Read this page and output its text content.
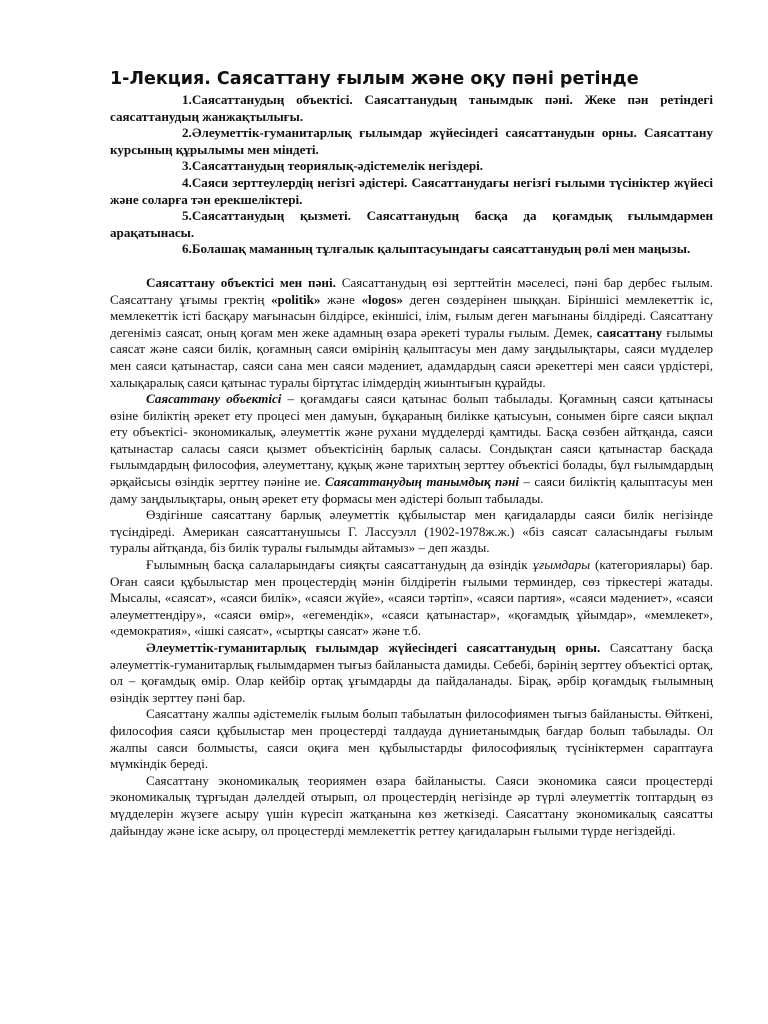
1-Лекция. Саясаттану ғылым және оқу пәні ретінде
1.Саясаттанудың объектісі. Саясаттанудың танымдык пәні. Жеке пән ретіндегі саясаттанудың жанжақтылығы.
2.Әлеуметтік-гуманитарлық ғылымдар жүйесіндегі саясаттанудын орны. Саясаттану курсының құрылымы мен міндеті.
3.Саясаттанудың теориялық-әдістемелік негіздері.
4.Саяси зерттеулердің негізгі әдістері. Саясаттанудағы негізгі ғылыми түсініктер жүйесі және соларға тән ерекшеліктері.
5.Саясаттанудың қызметі. Саясаттанудың басқа да қоғамдық ғылымдармен арақатынасы.
6.Болашақ маманның тұлғалык қалыптасуындағы саясаттанудың рөлі мен маңызы.

Саясаттану объектісі мен пәні. Саясаттанудың өзі зерттейтін мәселесі, пәні бар дербес ғылым. Саясаттану ұғымы гректің «politik» және «logos» деген сөздерінен шыққан. Біріншісі мемлекеттік іс, мемлекеттік істі басқару мағынасын білдірсе, екіншісі, ілім, ғылым деген мағынаны білдіреді. Саясаттану дегеніміз саясат, оның қоғам мен жеке адамның өзара әрекеті туралы ғылым. Демек, саясаттану ғылымы саясат және саяси билік, қоғамның саяси өмірінің қалыптасуы мен даму заңдылықтары, саяси мүдделер мен саяси қатынастар, саяси сана мен саяси мәдениет, адамдардың саяси әрекеттері мен саяси үрдістері, халықаралық саяси қатынас туралы біртұтас ілімдердің жиынтығын құрайды.

Саясаттану объектісі – қоғамдағы саяси қатынас болып табылады. Қоғамның саяси қатынасы өзіне биліктің әрекет ету процесі мен дамуын, бұқараның билікке қатысуын, сонымен бірге саяси ықпал ету объектісі- экономикалық, әлеуметтік және рухани мүдделерді қамтиды. Басқа сөзбен айтқанда, саяси қатынастар саласы саяси қызмет объектісінің барлық саласы. Сондықтан саяси қатынастар басқада ғылымдардың философия, әлеуметтану, құқық және тарихтың зерттеу объектісі болады, бұл ғылымдардың әрқайсысы өзіндік зерттеу пәніне ие. Саясаттанудың танымдық пәні – саяси биліктің қалыптасуы мен даму заңдылықтары, оның әрекет ету формасы мен әдістері болып табылады.

Өздігінше саясаттану барлық әлеуметтік құбылыстар мен қағидаларды саяси билік негізінде түсіндіреді. Американ саясаттанушысы Г. Лассуэлл (1902-1978ж.ж.) «біз саясат саласындағы ғылым туралы айтқанда, біз билік туралы ғылымды айтамыз» – деп жазды.

Ғылымның басқа салаларындағы сияқты саясаттанудың да өзіндік ұғымдары (категориялары) бар. Оған саяси құбылыстар мен процестердің мәнін білдіретін ғылыми терминдер, сөз тіркестері жатады. Мысалы, «саясат», «саяси билік», «саяси жүйе», «саяси тәртіп», «саяси партия», «саяси мәдениет», «саяси әлеуметтендіру», «саяси өмір», «егемендік», «саяси қатынастар», «қоғамдық ұйымдар», «мемлекет», «демократия», «ішкі саясат», «сыртқы саясат» және т.б.

Әлеуметтік-гуманитарлық ғылымдар жүйесіндегі саясаттанудың орны. Саясаттану басқа әлеуметтік-гуманитарлық ғылымдармен тығыз байланыста дамиды. Себебі, бәрінің зерттеу объектісі ортақ, ол – қоғамдық өмір. Олар кейбір ортақ ұғымдарды да пайдаланады. Бірақ, әрбір қоғамдық ғылымның өзіндік зерттеу пәні бар.

Саясаттану жалпы әдістемелік ғылым болып табылатын философиямен тығыз байланысты. Өйткені, философия саяси құбылыстар мен процестерді талдауда дүниетанымдық бағдар болып табылады. Ол жалпы саяси болмысты, саяси оқиға мен құбылыстарды философиялық түсініктермен сараптауға мүмкіндік береді.

Саясаттану экономикалық теориямен өзара байланысты. Саяси экономика саяси процестерді экономикалық тұрғыдан дәлелдей отырып, ол процестердің негізінде әр түрлі әлеуметтік топтардың өз мүдделерін жүзеге асыру үшін күресіп жатқанына көз жеткізеді. Саясаттану экономикалық саясатты дайындау және іске асыру, ол процестерді мемлекеттік реттеу қағидаларын ғылыми түрде негіздейді.
